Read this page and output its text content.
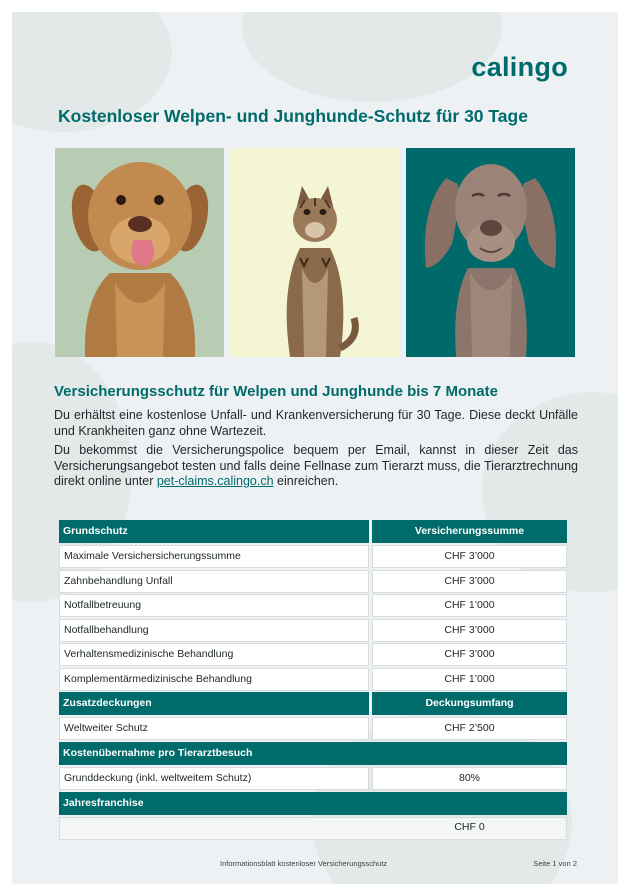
calingo
Kostenloser Welpen- und Junghunde-Schutz für 30 Tage
Versicherungsschutz für Welpen und Junghunde bis 7 Monate

Du erhältst eine kostenlose Unfall- und Krankenversicherung für 30 Tage. Diese deckt Unfälle und Krankheiten ganz ohne Wartezeit.

Du bekommst die Versicherungspolice bequem per Email, kannst in dieser Zeit das Versicherungsangebot testen und falls deine Fellnase zum Tierarzt muss, die Tierarztrechnung direkt online unter pet-claims.calingo.ch einreichen.

Grundschutz	Versicherungssumme
Maximale Versichersicherungssumme	CHF 3’000
Zahnbehandlung Unfall	CHF 3’000
Notfallbetreuung	CHF 1’000
Notfallbehandlung	CHF 3’000
Verhaltensmedizinische Behandlung	CHF 3’000
Komplementärmedizinische Behandlung	CHF 1’000
Zusatzdeckungen	Deckungsumfang
Weltweiter Schutz	CHF 2’500
Kostenübernahme pro Tierarztbesuch
Grunddeckung (inkl. weltweitem Schutz)	80%
Jahresfranchise
CHF 0
Informationsblatt kostenloser Versicherungsschutz	Seite 1 von 2
